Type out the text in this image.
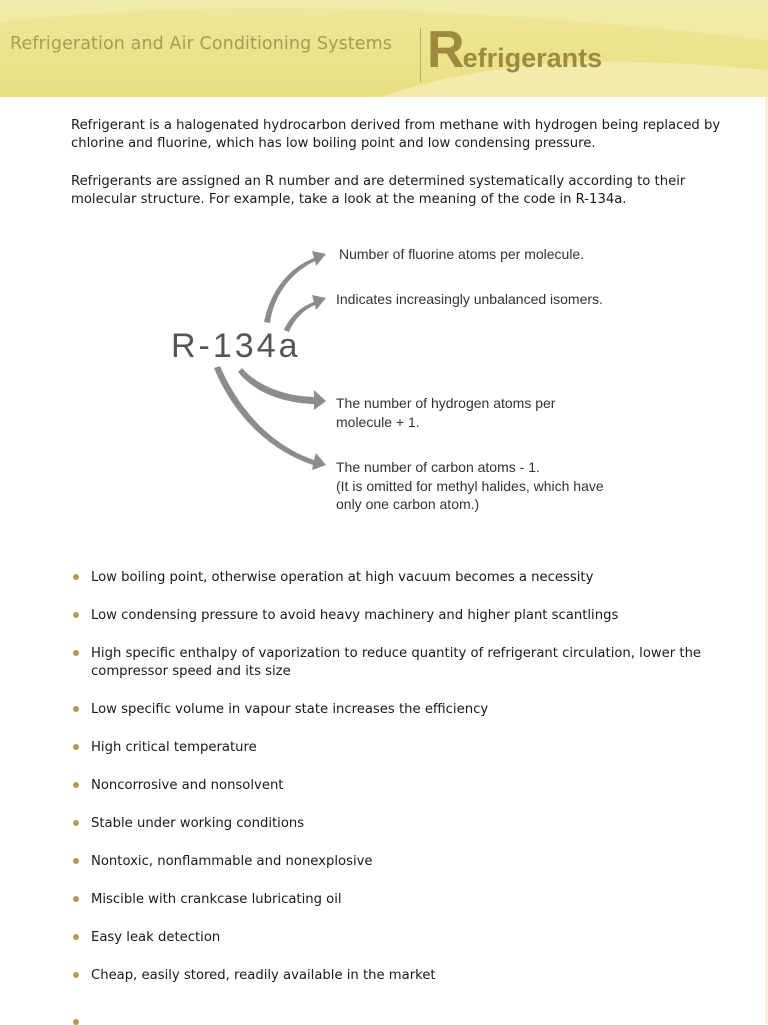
Refrigeration and Air Conditioning Systems Refrigerants

Refrigerant is a halogenated hydrocarbon derived from methane with hydrogen being replaced by chlorine and fluorine, which has low boiling point and low condensing pressure.

Refrigerants are assigned an R number and are determined systematically according to their molecular structure. For example, take a look at the meaning of the code in R-134a.

R-134a
Number of fluorine atoms per molecule.
Indicates increasingly unbalanced isomers.
The number of hydrogen atoms per molecule + 1.
The number of carbon atoms - 1.
(It is omitted for methyl halides, which have only one carbon atom.)
Low boiling point, otherwise operation at high vacuum becomes a necessity
Low condensing pressure to avoid heavy machinery and higher plant scantlings
High specific enthalpy of vaporization to reduce quantity of refrigerant circulation, lower the compressor speed and its size
Low specific volume in vapour state increases the efficiency
High critical temperature
Noncorrosive and nonsolvent
Stable under working conditions
Nontoxic, nonflammable and nonexplosive
Miscible with crankcase lubricating oil
Easy leak detection
Cheap, easily stored, readily available in the market
